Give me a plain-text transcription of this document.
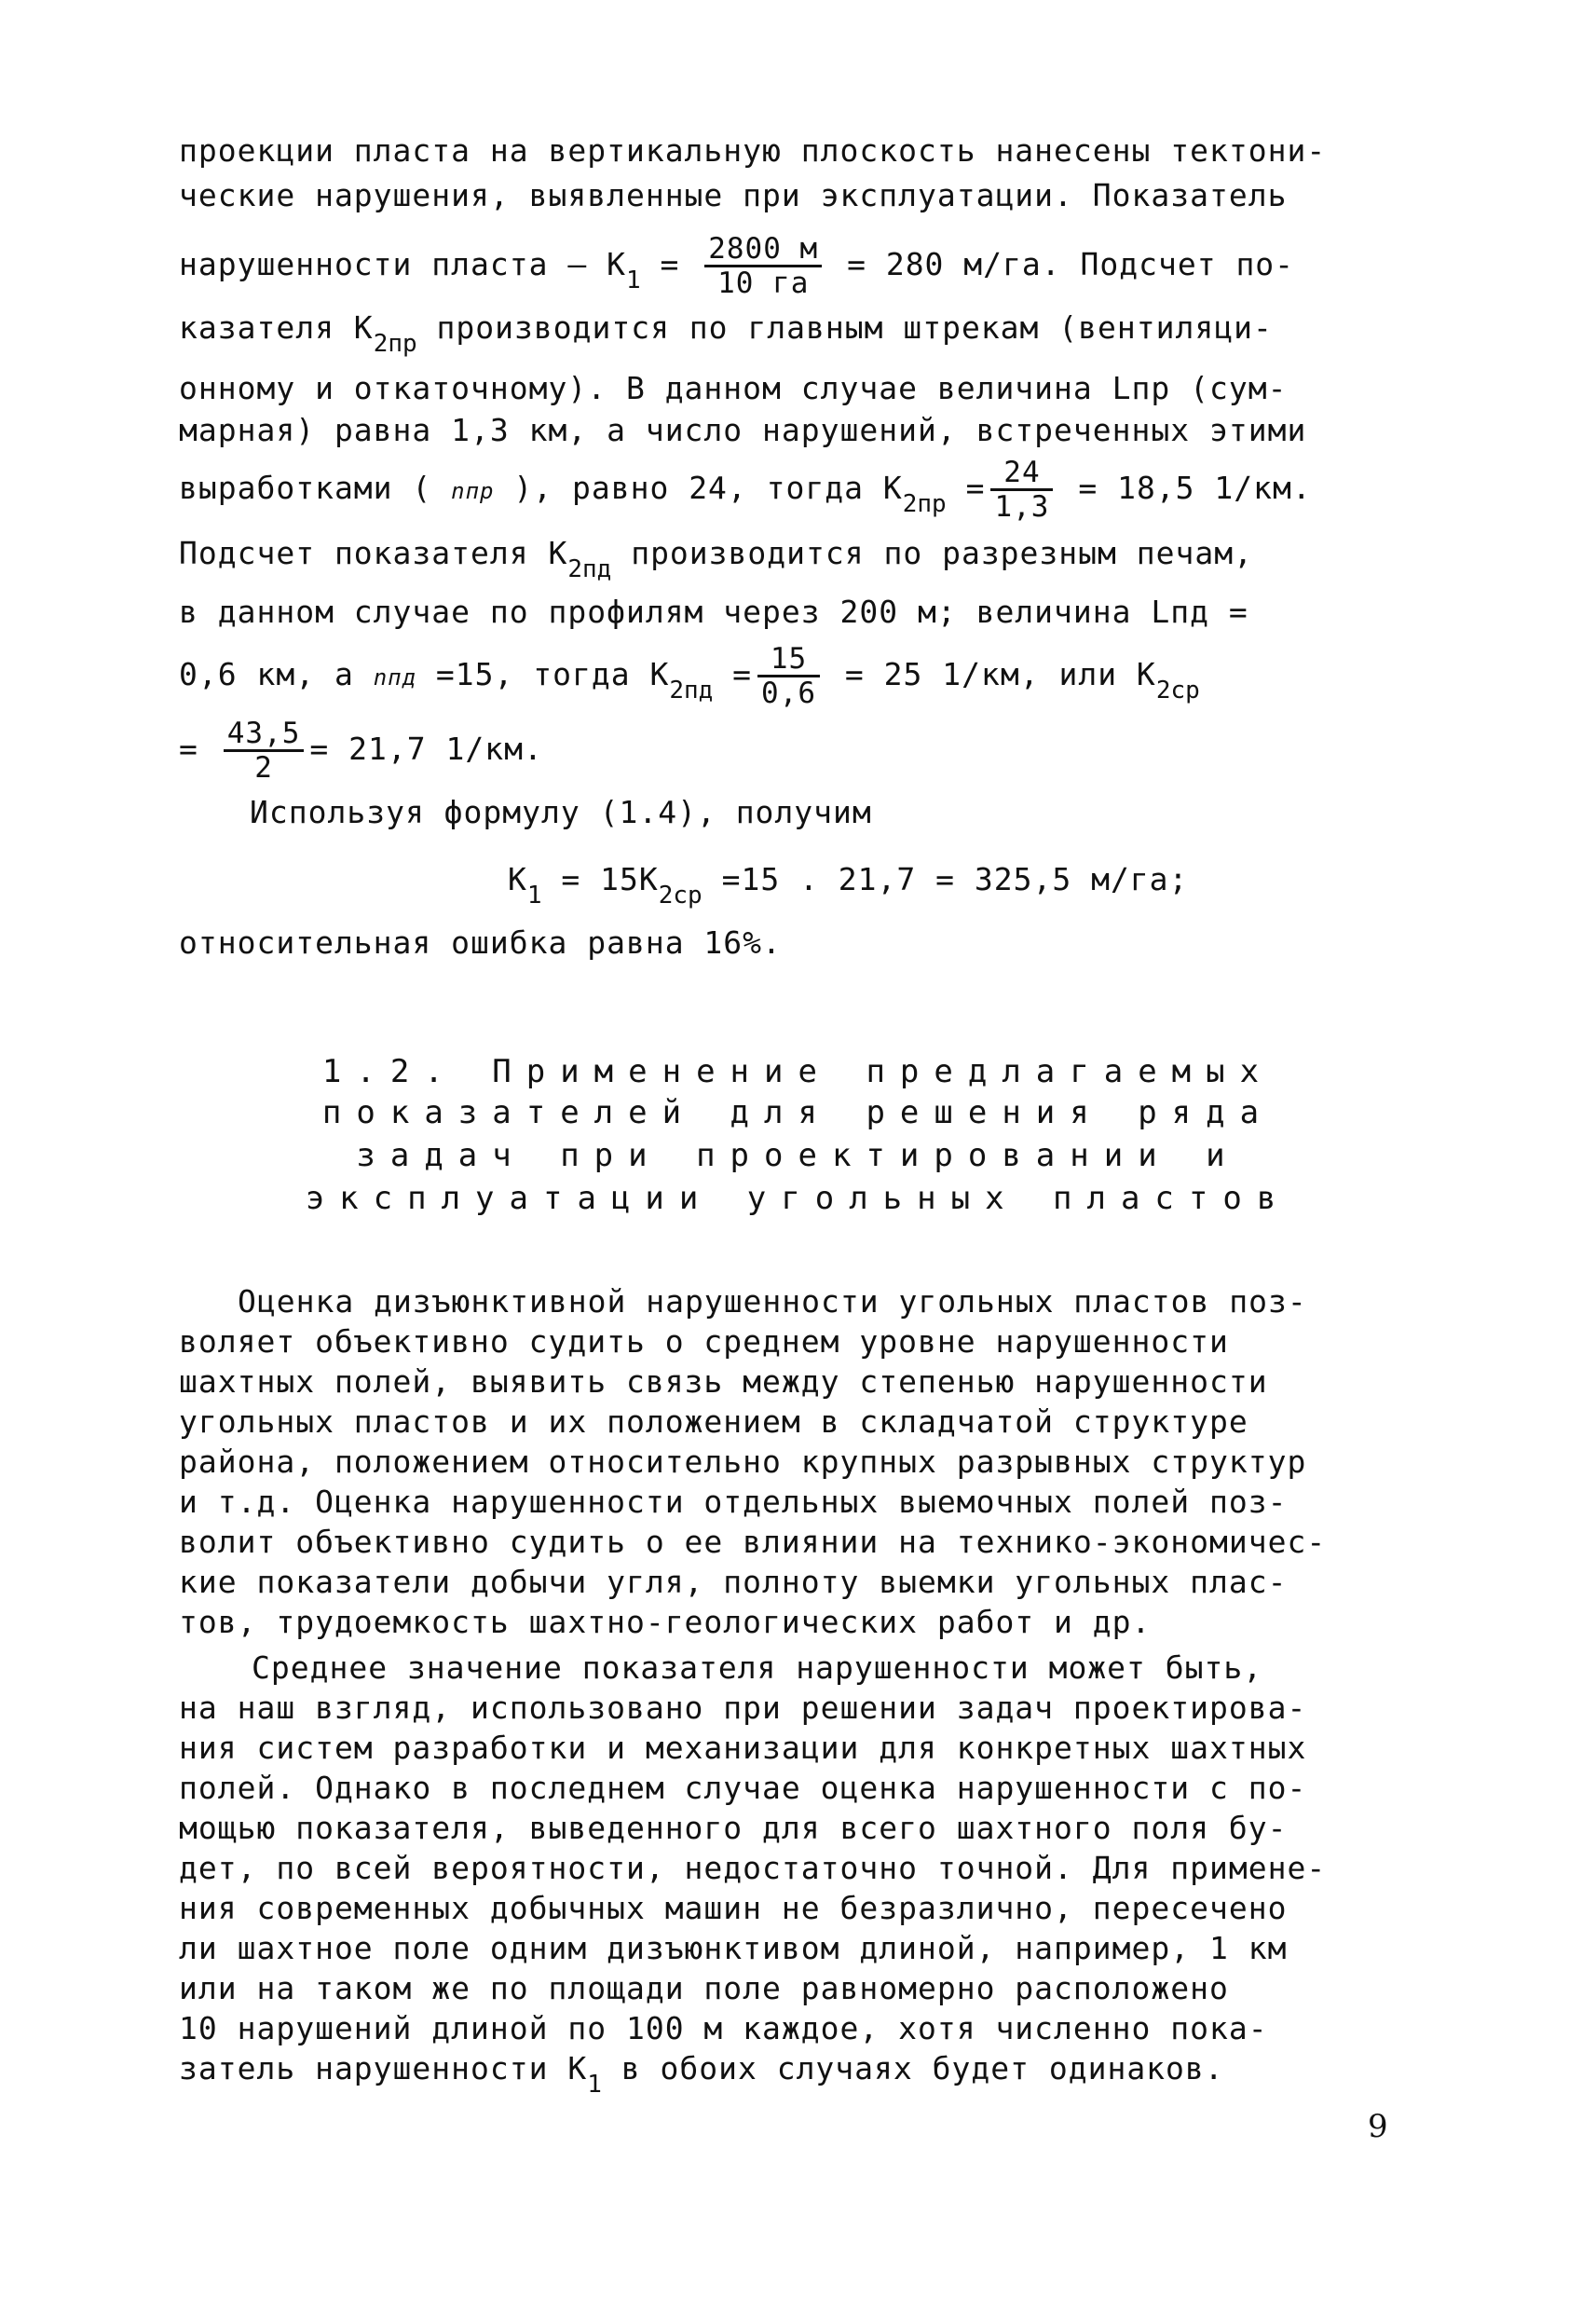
проекции пласта на вертикальную плоскость нанесены тектони-
ческие нарушения, выявленные при эксплуатации. Показатель
нарушенности пласта – $К_1 = \frac{2800 м}{10 га} = 280$ м/га. Подсчет по-
казателя $К_{2пр}$ производится по главным штрекам (вентиляци-
онному и откаточному). В данном случае величина Lпр (сум-
марная) равна 1,3 км, а число нарушений, встреченных этими
выработками ( nпр ), равно 24, тогда $К_{2пр} = \frac{24}{1,3} = 18,5$ 1/км.
Подсчет показателя $К_{2пд}$ производится по разрезным печам,
в данном случае по профилям через 200 м; величина Lпд =
0,6 км, а nпд =15, тогда $К_{2пд} = \frac{15}{0,6} = 25$ 1/км, или $К_{2ср}$
= $\frac{43,5}{2} = 21,7$ 1/км.
Используя формулу (1.4), получим
$К_1 = 15К_{2ср} =15$ . 21,7 = 325,5 м/га;
относительная ошибка равна 16%.
1.2. Применение предлагаемых
показателей для решения ряда
задач при проектировании и
эксплуатации угольных пластов
Оценка дизъюнктивной нарушенности угольных пластов поз-
воляет объективно судить о среднем уровне нарушенности
шахтных полей, выявить связь между степенью нарушенности
угольных пластов и их положением в складчатой структуре
района, положением относительно крупных разрывных структур
и т.д. Оценка нарушенности отдельных выемочных полей поз-
волит объективно судить о ее влиянии на технико-экономичес-
кие показатели добычи угля, полноту выемки угольных плас-
тов, трудоемкость шахтно-геологических работ и др.
Среднее значение показателя нарушенности может быть,
на наш взгляд, использовано при решении задач проектирова-
ния систем разработки и механизации для конкретных шахтных
полей. Однако в последнем случае оценка нарушенности с по-
мощью показателя, выведенного для всего шахтного поля бу-
дет, по всей вероятности, недостаточно точной. Для примене-
ния современных добычных машин не безразлично, пересечено
ли шахтное поле одним дизъюнктивом длиной, например, 1 км
или на таком же по площади поле равномерно расположено
10 нарушений длиной по 100 м каждое, хотя численно пока-
затель нарушенности $К_1$ в обоих случаях будет одинаков.
9
